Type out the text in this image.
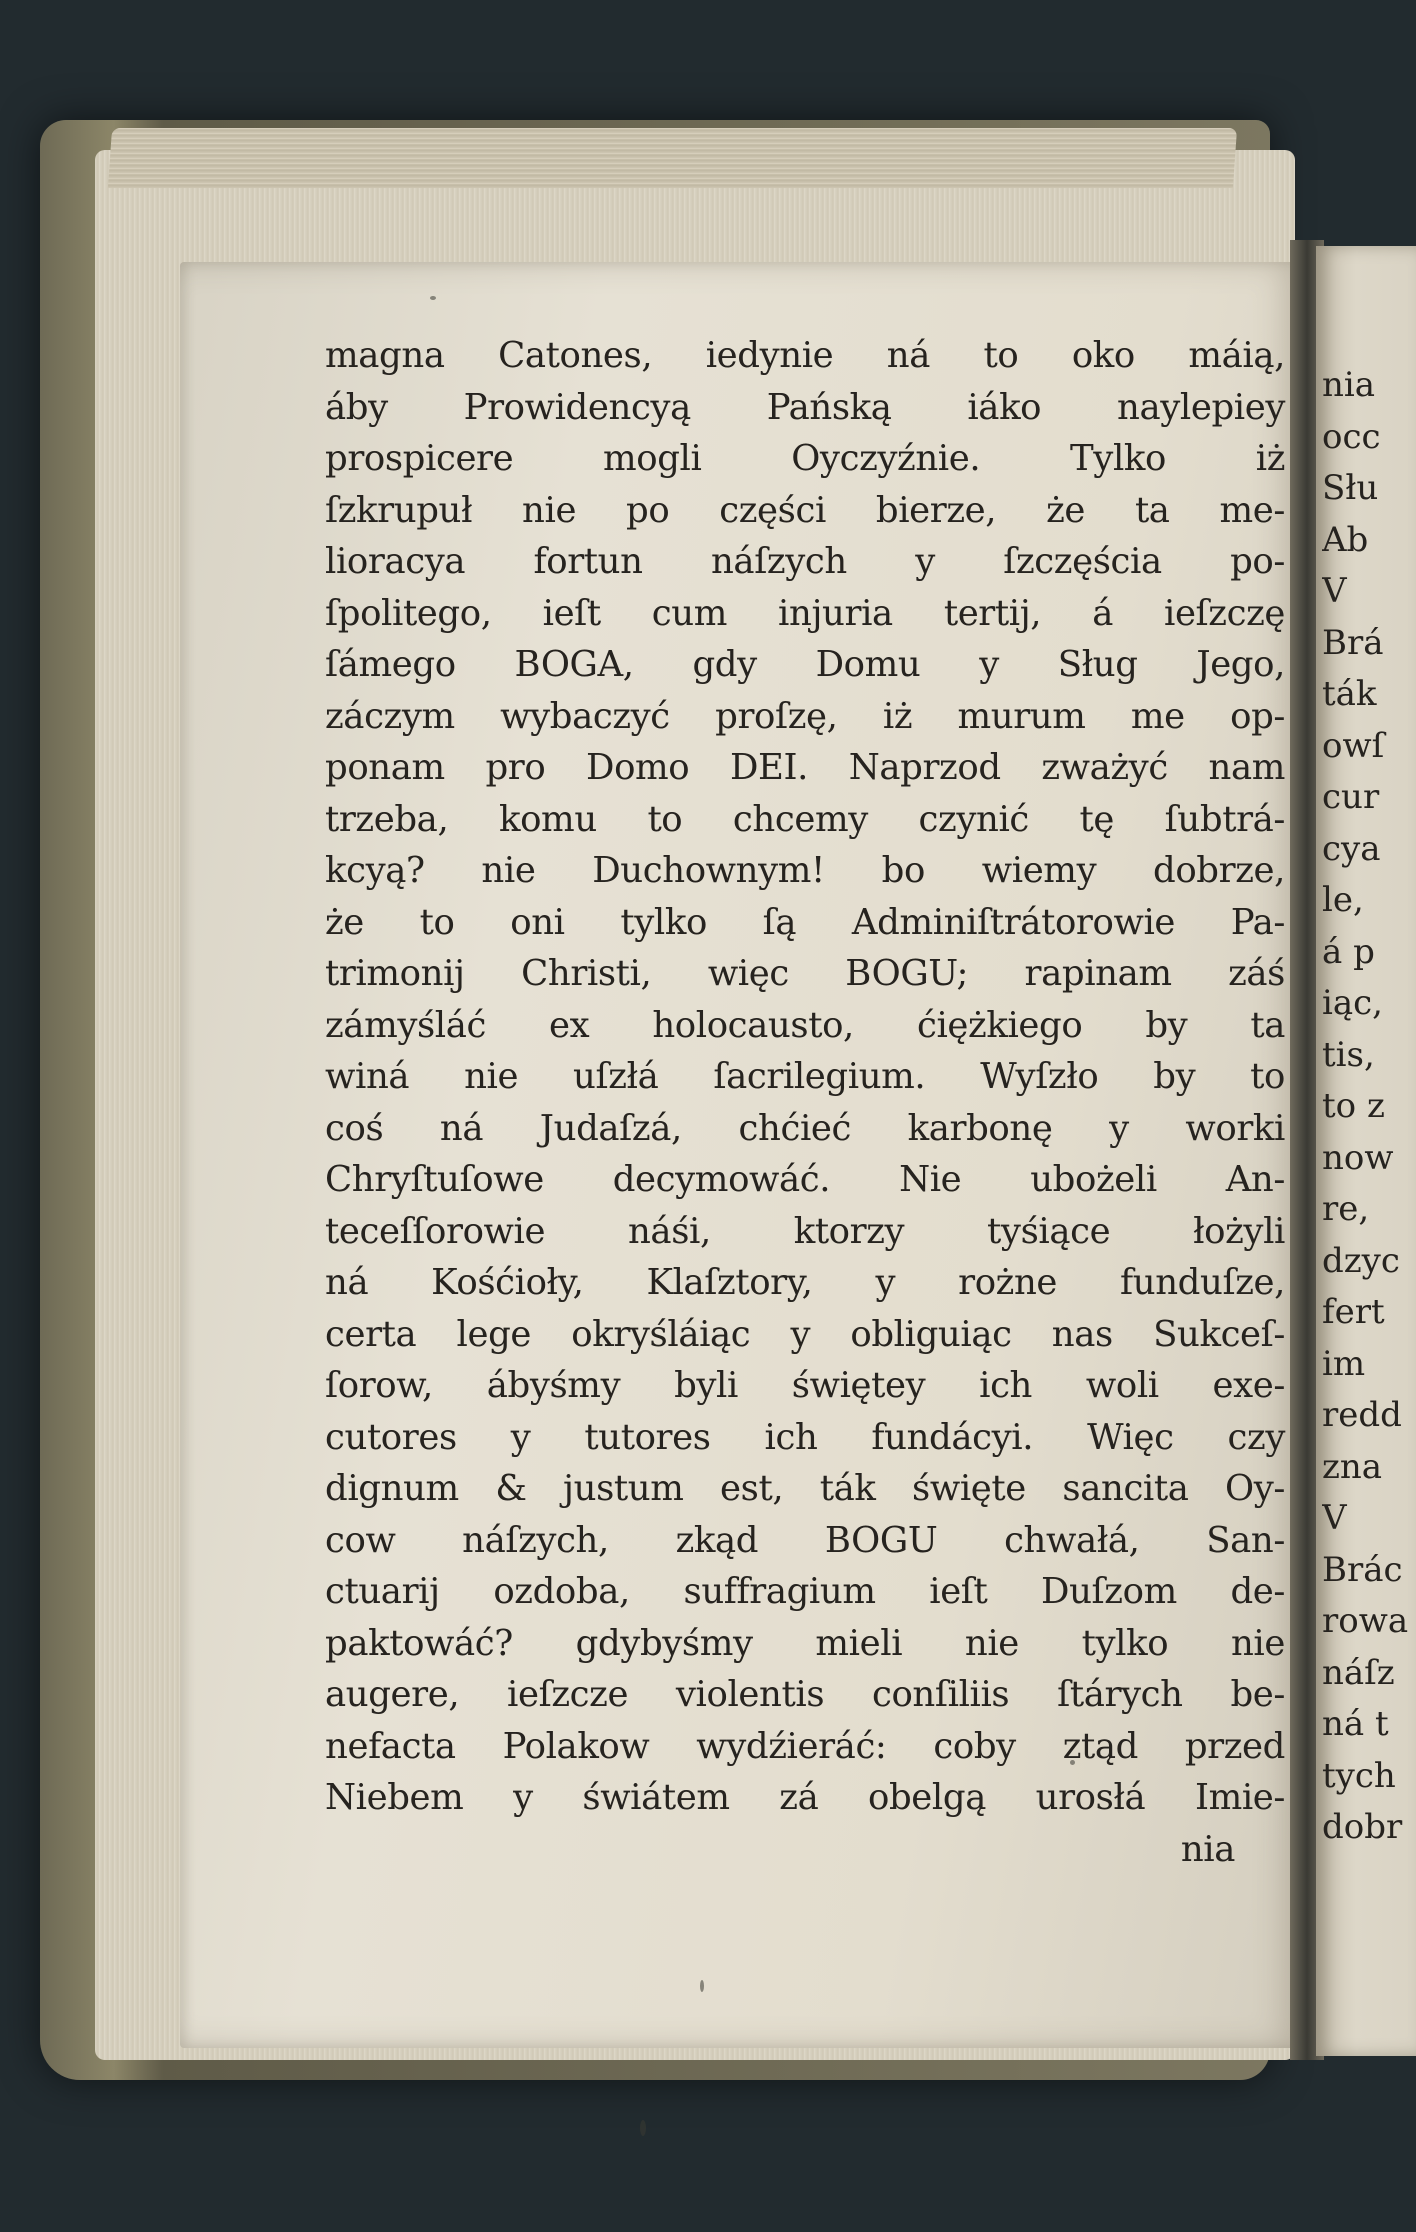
magna Catones, iedynie ná to oko máią,
áby Prowidencyą Pańską iáko naylepiey
prospicere mogli Oyczyźnie. Tylko iż
ſzkrupuł nie po części bierze, że ta me-
lioracya fortun náſzych y ſzczęścia po-
ſpolitego, ieſt cum injuria tertij, á ieſzczę
ſámego BOGA, gdy Domu y Sług Jego,
záczym wybaczyć proſzę, iż murum me op-
ponam pro Domo DEI. Naprzod zważyć nam
trzeba, komu to chcemy czynić tę ſubtrá-
kcyą? nie Duchownym! bo wiemy dobrze,
że to oni tylko ſą Adminiſtrátorowie Pa-
trimonij Christi, więc BOGU; rapinam záś
zámyśláć ex holocausto, ćiężkiego by ta
winá nie uſzłá ſacrilegium. Wyſzło by to
coś ná Judaſzá, chćieć karbonę y worki
Chryſtuſowe decymowáć. Nie ubożeli An-
teceſſorowie náśi, ktorzy tyśiące łożyli
ná Kośćioły, Klaſztory, y rożne funduſze,
certa lege okryśláiąc y obliguiąc nas Sukceſ-
ſorow, ábyśmy byli świętey ich woli exe-
cutores y tutores ich fundácyi. Więc czy
dignum & justum est, ták święte sancita Oy-
cow náſzych, zkąd BOGU chwałá, San-
ctuarij ozdoba, suffragium ieſt Duſzom de-
paktowáć? gdybyśmy mieli nie tylko nie
augere, ieſzcze violentis conſiliis ſtárych be-
nefacta Polakow wydźieráć: coby ztąd przed
Niebem y świátem zá obelgą urosłá Imie-
nia
nia
occ
Słu
Ab
V
Brá
ták
owſ
cur
cya
le,
á p
iąc,
tis,
to z
now
re,
dzyc
fert
im
redd
zna
V
Brác
rowa
náſz
ná t
tych
dobr
